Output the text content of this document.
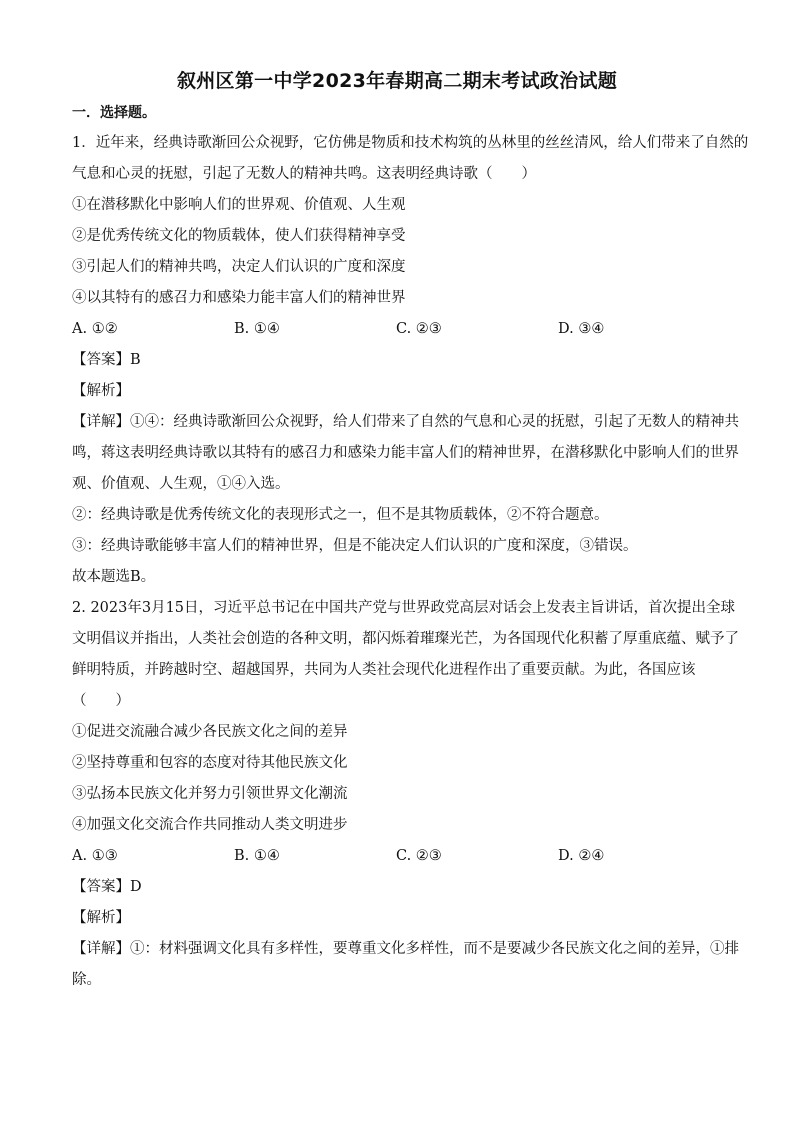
叙州区第一中学2023年春期高二期末考试政治试题
一．选择题。
1．近年来，经典诗歌渐回公众视野，它仿佛是物质和技术构筑的丛林里的丝丝清风，给人们带来了自然的
气息和心灵的抚慰，引起了无数人的精神共鸣。这表明经典诗歌（　　）
①在潜移默化中影响人们的世界观、价值观、人生观
②是优秀传统文化的物质载体，使人们获得精神享受
③引起人们的精神共鸣，决定人们认识的广度和深度
④以其特有的感召力和感染力能丰富人们的精神世界
A. ①②	B. ①④	C. ②③	D. ③④
【答案】B
【解析】
【详解】①④：经典诗歌渐回公众视野，给人们带来了自然的气息和心灵的抚慰，引起了无数人的精神共
鸣，蒋这表明经典诗歌以其特有的感召力和感染力能丰富人们的精神世界，在潜移默化中影响人们的世界
观、价值观、人生观，①④入选。
②：经典诗歌是优秀传统文化的表现形式之一，但不是其物质载体，②不符合题意。
③：经典诗歌能够丰富人们的精神世界，但是不能决定人们认识的广度和深度，③错误。
故本题选B。
2. 2023年3月15日，习近平总书记在中国共产党与世界政党高层对话会上发表主旨讲话，首次提出全球
文明倡议并指出，人类社会创造的各种文明，都闪烁着璀璨光芒，为各国现代化积蓄了厚重底蕴、赋予了
鲜明特质，并跨越时空、超越国界，共同为人类社会现代化进程作出了重要贡献。为此，各国应该
（　　）
①促进交流融合减少各民族文化之间的差异
②坚持尊重和包容的态度对待其他民族文化
③弘扬本民族文化并努力引领世界文化潮流
④加强文化交流合作共同推动人类文明进步
A. ①③	B. ①④	C. ②③	D. ②④
【答案】D
【解析】
【详解】①：材料强调文化具有多样性，要尊重文化多样性，而不是要减少各民族文化之间的差异，①排
除。
